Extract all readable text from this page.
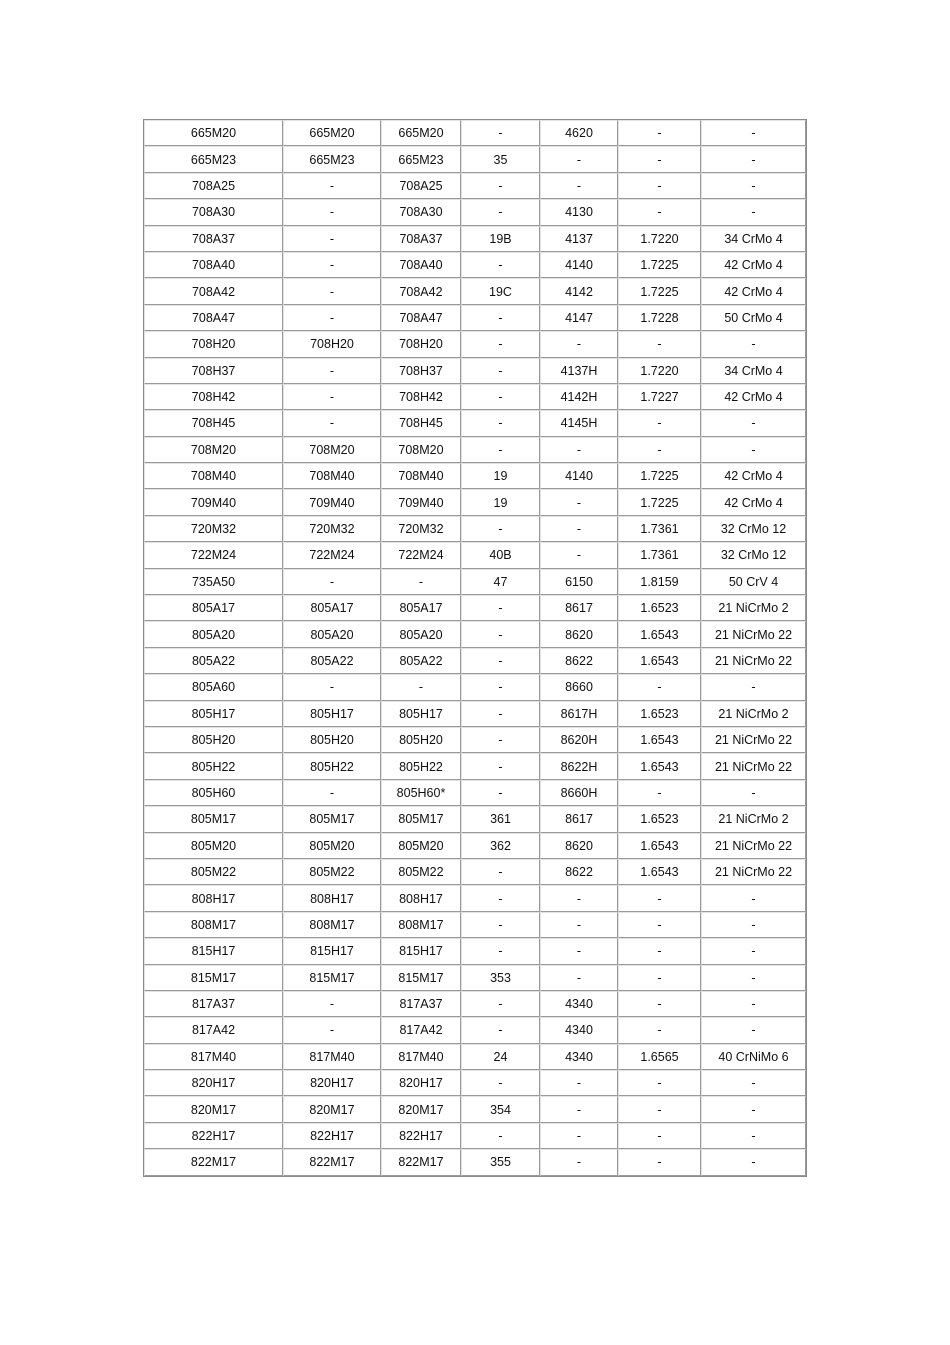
665M20	665M20	665M20	-	4620	-	-
665M23	665M23	665M23	35	-	-	-
708A25	-	708A25	-	-	-	-
708A30	-	708A30	-	4130	-	-
708A37	-	708A37	19B	4137	1.7220	34 CrMo 4
708A40	-	708A40	-	4140	1.7225	42 CrMo 4
708A42	-	708A42	19C	4142	1.7225	42 CrMo 4
708A47	-	708A47	-	4147	1.7228	50 CrMo 4
708H20	708H20	708H20	-	-	-	-
708H37	-	708H37	-	4137H	1.7220	34 CrMo 4
708H42	-	708H42	-	4142H	1.7227	42 CrMo 4
708H45	-	708H45	-	4145H	-	-
708M20	708M20	708M20	-	-	-	-
708M40	708M40	708M40	19	4140	1.7225	42 CrMo 4
709M40	709M40	709M40	19	-	1.7225	42 CrMo 4
720M32	720M32	720M32	-	-	1.7361	32 CrMo 12
722M24	722M24	722M24	40B	-	1.7361	32 CrMo 12
735A50	-	-	47	6150	1.8159	50 CrV 4
805A17	805A17	805A17	-	8617	1.6523	21 NiCrMo 2
805A20	805A20	805A20	-	8620	1.6543	21 NiCrMo 22
805A22	805A22	805A22	-	8622	1.6543	21 NiCrMo 22
805A60	-	-	-	8660	-	-
805H17	805H17	805H17	-	8617H	1.6523	21 NiCrMo 2
805H20	805H20	805H20	-	8620H	1.6543	21 NiCrMo 22
805H22	805H22	805H22	-	8622H	1.6543	21 NiCrMo 22
805H60	-	805H60*	-	8660H	-	-
805M17	805M17	805M17	361	8617	1.6523	21 NiCrMo 2
805M20	805M20	805M20	362	8620	1.6543	21 NiCrMo 22
805M22	805M22	805M22	-	8622	1.6543	21 NiCrMo 22
808H17	808H17	808H17	-	-	-	-
808M17	808M17	808M17	-	-	-	-
815H17	815H17	815H17	-	-	-	-
815M17	815M17	815M17	353	-	-	-
817A37	-	817A37	-	4340	-	-
817A42	-	817A42	-	4340	-	-
817M40	817M40	817M40	24	4340	1.6565	40 CrNiMo 6
820H17	820H17	820H17	-	-	-	-
820M17	820M17	820M17	354	-	-	-
822H17	822H17	822H17	-	-	-	-
822M17	822M17	822M17	355	-	-	-
